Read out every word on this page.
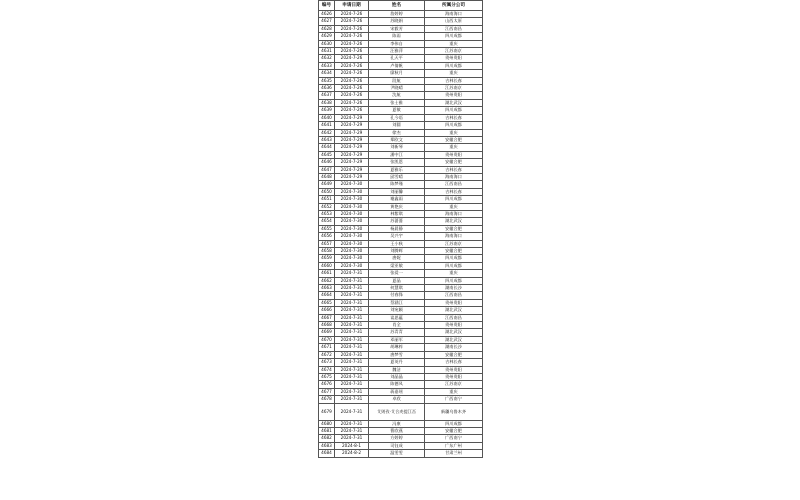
编号	申请日期	姓名	所属分公司
4626	2024-7-26	詹婷婷	海南海口
4627	2024-7-26	苏晓娟	山西太原
4628	2024-7-26	宋毅芳	江西南昌
4629	2024-7-26	陈雨	四川成都
4630	2024-7-26	李伟自	重庆
4631	2024-7-26	汪雅萍	江苏南京
4632	2024-7-26	孔天平	贵州贵阳
4633	2024-7-26	卢倩帆	四川成都
4634	2024-7-26	廖秋月	重庆
4635	2024-7-26	段航	吉林长春
4636	2024-7-26	尹晓晴	江苏南京
4637	2024-7-26	沈航	贵州贵阳
4638	2024-7-26	张士雅	湖北武汉
4639	2024-7-26	夏敏	四川成都
4640	2024-7-29	孔今语	吉林长春
4641	2024-7-29	刘圆	四川成都
4642	2024-7-29	徐杰	重庆
4643	2024-7-29	郑欧文	安徽合肥
4644	2024-7-29	刘新琴	重庆
4645	2024-7-29	潘中江	贵州贵阳
4646	2024-7-29	张凯恩	安徽合肥
4647	2024-7-29	夏雅乐	吉林长春
4648	2024-7-29	邱雪晴	海南海口
4649	2024-7-30	陈梦瑾	江西南昌
4650	2024-7-30	刘丽馨	吉林长春
4651	2024-7-30	谢鑫雨	四川成都
4652	2024-7-30	黄艳庆	重庆
4653	2024-7-30	林紫琪	海南海口
4654	2024-7-30	苏蔷蔷	湖北武汉
4655	2024-7-30	杨晨静	安徽合肥
4656	2024-7-30	吴兴宇	海南海口
4657	2024-7-30	王小秋	江苏南京
4658	2024-7-30	刘腾辉	安徽合肥
4659	2024-7-30	唐妮	四川成都
4660	2024-7-30	梁亚敏	四川成都
4661	2024-7-31	张爱一	重庆
4662	2024-7-31	夏晶	四川成都
4663	2024-7-31	何慧琪	湖南长沙
4664	2024-7-31	付春锋	江西南昌
4665	2024-7-31	蔡涵江	贵州贵阳
4666	2024-7-31	刘宛颖	湖北武汉
4667	2024-7-31	谈思蕴	江西南昌
4668	2024-7-31	肖全	贵州贵阳
4669	2024-7-31	苏青青	湖北武汉
4670	2024-7-31	邓丽军	湖北武汉
4671	2024-7-31	胡琳梓	湖南长沙
4672	2024-7-31	唐梦雪	安徽合肥
4673	2024-7-31	夏英丹	吉林长春
4674	2024-7-31	魏洁	贵州贵阳
4675	2024-7-31	刘晶晶	贵州贵阳
4676	2024-7-31	陈德凤	江苏南京
4677	2024-7-31	蒋嘉瑶	重庆
4678	2024-7-31	卓欣	广西南宁
4679	2024-7-31	艾则孜·艾合麦提江吾	新疆乌鲁木齐
4680	2024-7-31	冯康	四川成都
4681	2024-7-31	曹欣燕	安徽合肥
4682	2024-7-31	方婷婷	广西南宁
4683	2024-8-1	司钰成	广东广州
4684	2024-8-2	温雯雯	甘肃兰州
